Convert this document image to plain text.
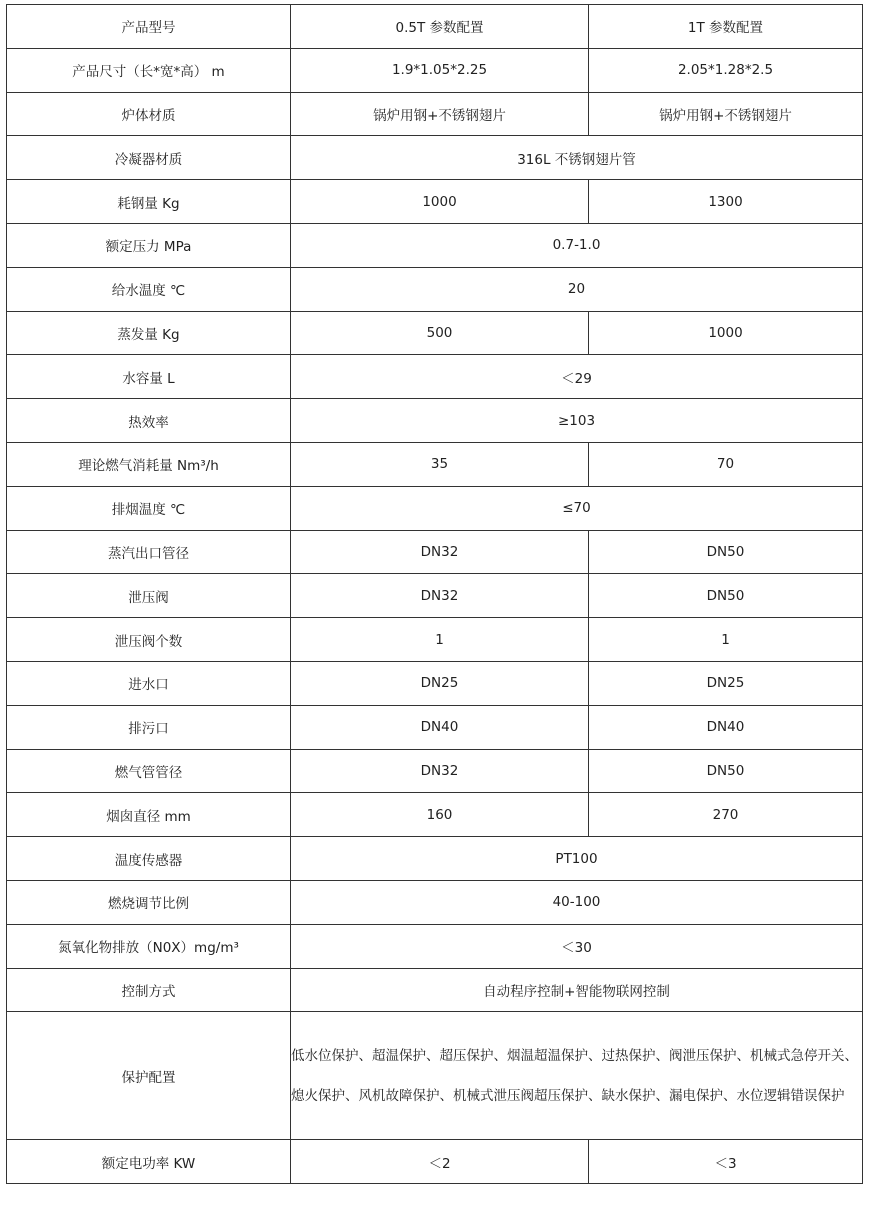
产品型号	0.5T 参数配置	1T 参数配置
产品尺寸（长*宽*高） m	1.9*1.05*2.25	2.05*1.28*2.5
炉体材质	锅炉用钢+不锈钢翅片	锅炉用钢+不锈钢翅片
冷凝器材质	316L 不锈钢翅片管	
耗钢量 Kg	1000	1300
额定压力 MPa	0.7-1.0	
给水温度 ℃	20	
蒸发量 Kg	500	1000
水容量 L	＜29	
热效率	≥103	
理论燃气消耗量 Nm³/h	35	70
排烟温度 ℃	≤70	
蒸汽出口管径	DN32	DN50
泄压阀	DN32	DN50
泄压阀个数	1	1
进水口	DN25	DN25
排污口	DN40	DN40
燃气管管径	DN32	DN50
烟囱直径 mm	160	270
温度传感器	PT100	
燃烧调节比例	40-100	
氮氧化物排放（N0X）mg/m³	＜30	
控制方式	自动程序控制+智能物联网控制	
保护配置	低水位保护、超温保护、超压保护、烟温超温保护、过热保护、阀泄压保护、机械式急停开关、
熄火保护、风机故障保护、机械式泄压阀超压保护、缺水保护、漏电保护、水位逻辑错误保护	

额定电功率 KW	＜2	＜3
